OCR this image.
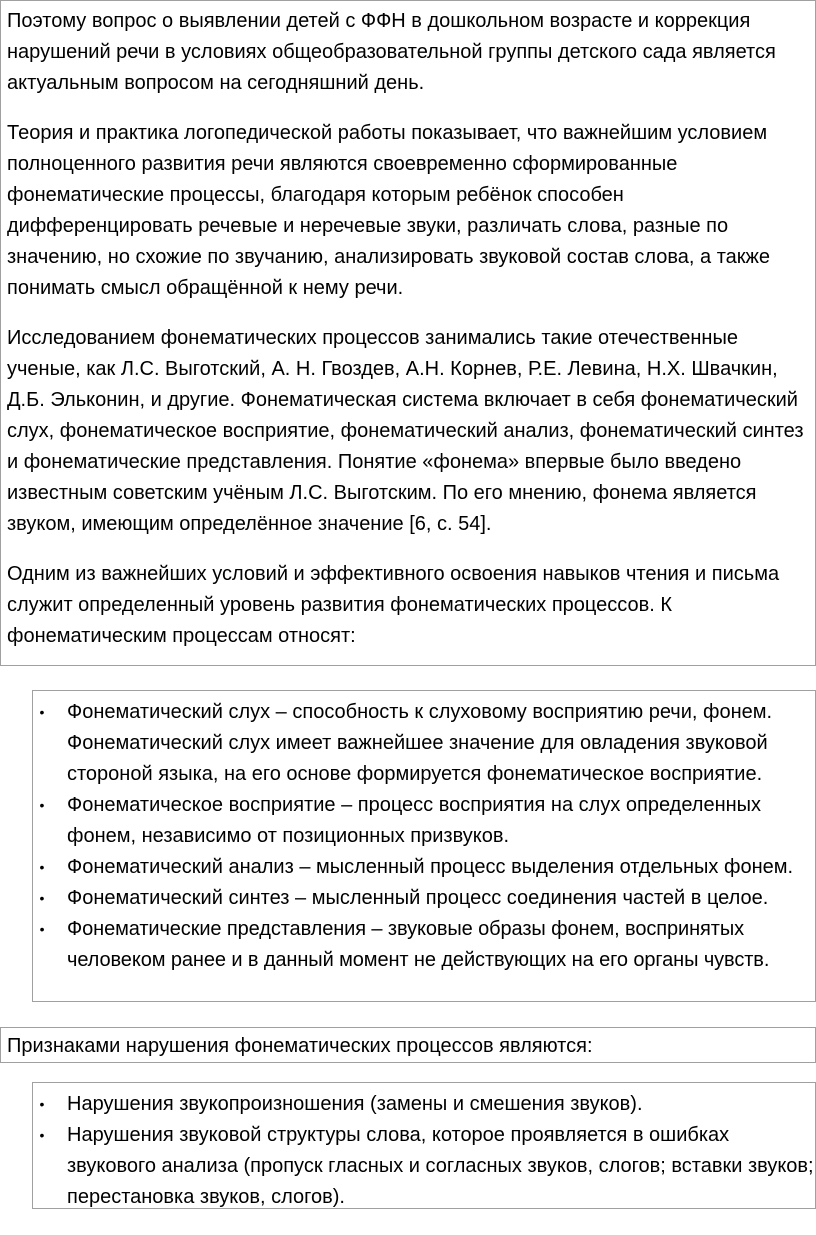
Поэтому вопрос о выявлении детей с ФФН в дошкольном возрасте и коррекция нарушений речи в условиях общеобразовательной группы детского сада является актуальным вопросом на сегодняшний день.

Теория и практика логопедической работы показывает, что важнейшим условием полноценного развития речи являются своевременно сформированные фонематические процессы, благодаря которым ребёнок способен дифференцировать речевые и неречевые звуки, различать слова, разные по значению, но схожие по звучанию, анализировать звуковой состав слова, а также понимать смысл обращённой к нему речи.

Исследованием фонематических процессов занимались такие отечественные ученые, как Л.С. Выготский, А. Н. Гвоздев, А.Н. Корнев, Р.Е. Левина, Н.Х. Швачкин, Д.Б. Эльконин, и другие. Фонематическая система включает в себя фонематический слух, фонематическое восприятие, фонематический анализ, фонематический синтез и фонематические представления. Понятие «фонема» впервые было введено известным советским учёным Л.С. Выготским. По его мнению, фонема является звуком, имеющим определённое значение [6, с. 54].

Одним из важнейших условий и эффективного освоения навыков чтения и письма служит определенный уровень развития фонематических процессов. К фонематическим процессам относят:

• Фонематический слух – способность к слуховому восприятию речи, фонем. Фонематический слух имеет важнейшее значение для овладения звуковой стороной языка, на его основе формируется фонематическое восприятие.
• Фонематическое восприятие – процесс восприятия на слух определенных фонем, независимо от позиционных призвуков.
• Фонематический анализ – мысленный процесс выделения отдельных фонем.
• Фонематический синтез – мысленный процесс соединения частей в целое.
• Фонематические представления – звуковые образы фонем, воспринятых человеком ранее и в данный момент не действующих на его органы чувств.
Признаками нарушения фонематических процессов являются:
• Нарушения звукопроизношения (замены и смешения звуков).
• Нарушения звуковой структуры слова, которое проявляется в ошибках звукового анализа (пропуск гласных и согласных звуков, слогов; вставки звуков; перестановка звуков, слогов).
